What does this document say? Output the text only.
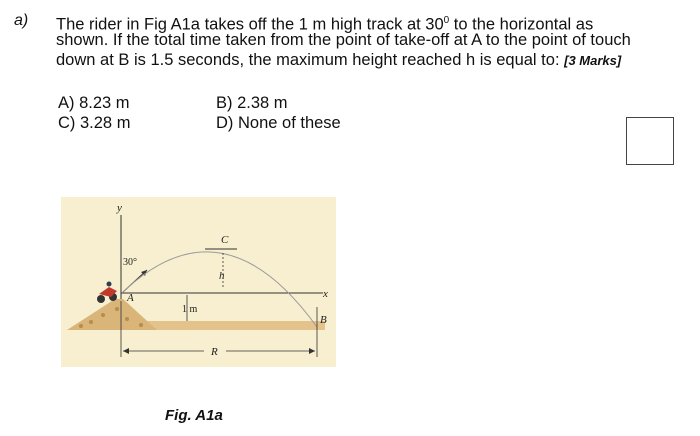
a) The rider in Fig A1a takes off the 1 m high track at $30^0$ to the horizontal as
shown. If the total time taken from the point of take-off at A to the point of touch
down at B is 1.5 seconds, the maximum height reached h is equal to: [3 Marks]
A) 8.23 m	B) 2.38 m
C) 3.28 m	D) None of these
y
x
30°
C
h
1 m
A
B
R
Fig. A1a
